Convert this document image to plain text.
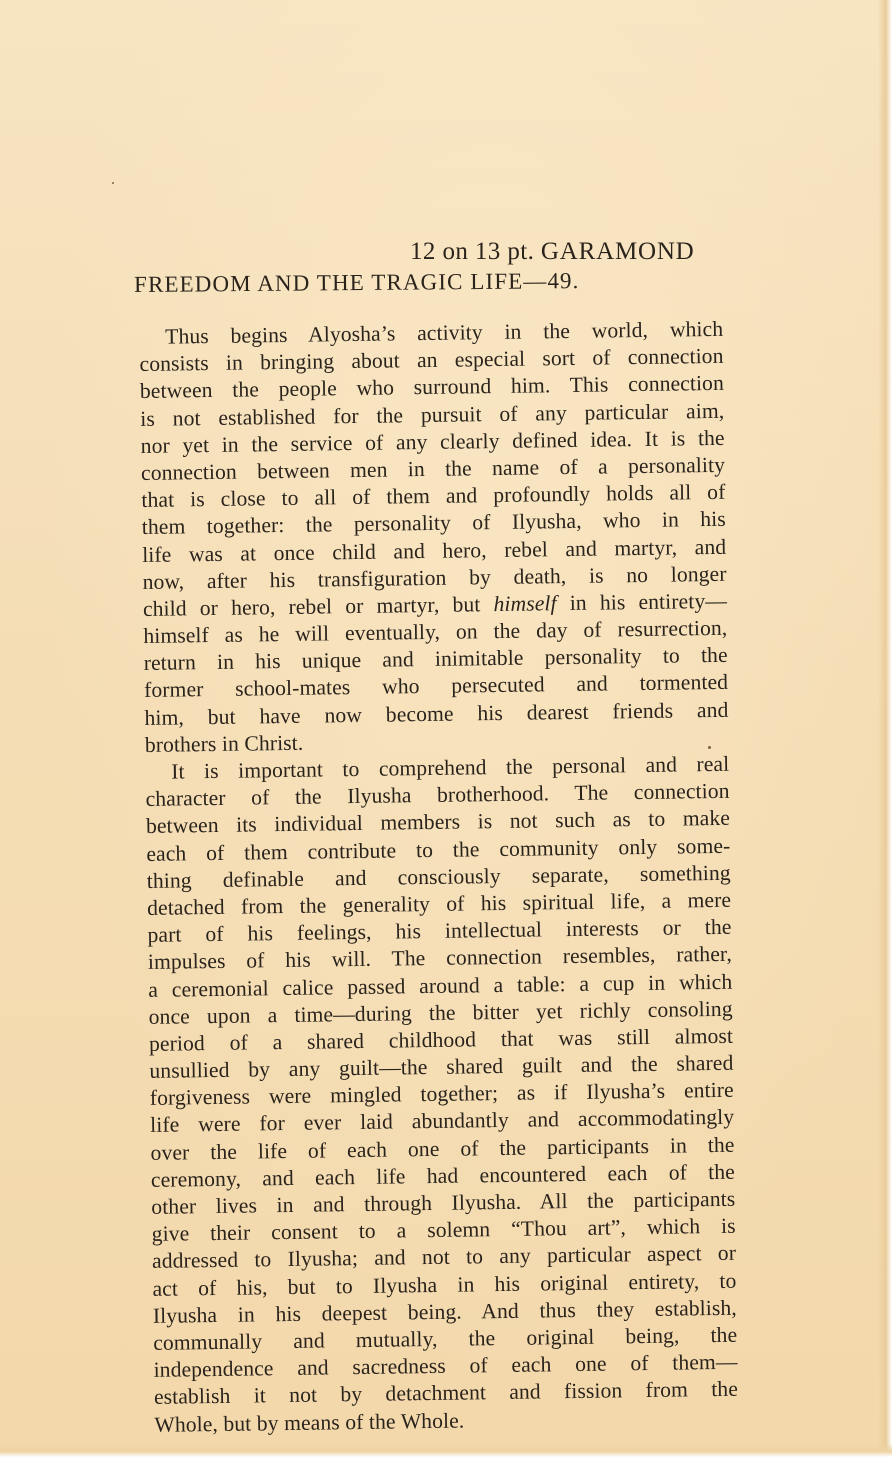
12 on 13 pt. GARAMOND
FREEDOM AND THE TRAGIC LIFE—49.
Thus begins Alyosha’s activity in the world, which
consists in bringing about an especial sort of connection
between the people who surround him. This connection
is not established for the pursuit of any particular aim,
nor yet in the service of any clearly defined idea. It is the
connection between men in the name of a personality
that is close to all of them and profoundly holds all of
them together: the personality of Ilyusha, who in his
life was at once child and hero, rebel and martyr, and
now, after his transfiguration by death, is no longer
child or hero, rebel or martyr, but himself in his entirety—
himself as he will eventually, on the day of resurrection,
return in his unique and inimitable personality to the
former school-mates who persecuted and tormented
him, but have now become his dearest friends and
brothers in Christ.
It is important to comprehend the personal and real
character of the Ilyusha brotherhood. The connection
between its individual members is not such as to make
each of them contribute to the community only some-
thing definable and consciously separate, something
detached from the generality of his spiritual life, a mere
part of his feelings, his intellectual interests or the
impulses of his will. The connection resembles, rather,
a ceremonial calice passed around a table: a cup in which
once upon a time—during the bitter yet richly consoling
period of a shared childhood that was still almost
unsullied by any guilt—the shared guilt and the shared
forgiveness were mingled together; as if Ilyusha’s entire
life were for ever laid abundantly and accommodatingly
over the life of each one of the participants in the
ceremony, and each life had encountered each of the
other lives in and through Ilyusha. All the participants
give their consent to a solemn “Thou art”, which is
addressed to Ilyusha; and not to any particular aspect or
act of his, but to Ilyusha in his original entirety, to
Ilyusha in his deepest being. And thus they establish,
communally and mutually, the original being, the
independence and sacredness of each one of them—
establish it not by detachment and fission from the
Whole, but by means of the Whole.
